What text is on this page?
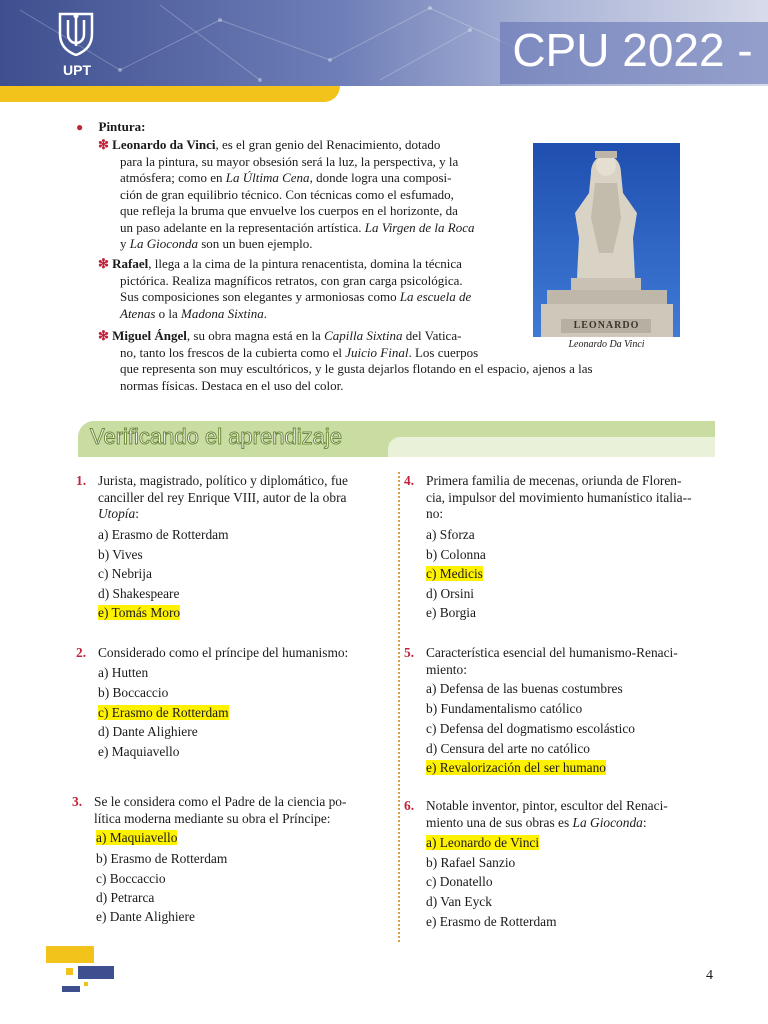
UPT	CPU 2022 - II
● Pintura:
❇ Leonardo da Vinci, es el gran genio del Renacimiento, dotado
para la pintura, su mayor obsesión será la luz, la perspectiva, y la
atmósfera; como en La Última Cena, donde logra una composi-
ción de gran equilibrio técnico. Con técnicas como el esfumado,
que refleja la bruma que envuelve los cuerpos en el horizonte, da
un paso adelante en la representación artística. La Virgen de la Roca
y La Gioconda son un buen ejemplo.
❇ Rafael, llega a la cima de la pintura renacentista, domina la técnica
pictórica. Realiza magníficos retratos, con gran carga psicológica.
Sus composiciones son elegantes y armoniosas como La escuela de
Atenas o la Madona Sixtina.
❇ Miguel Ángel, su obra magna está en la Capilla Sixtina del Vatica-
no, tanto los frescos de la cubierta como el Juicio Final. Los cuerpos
que representa son muy escultóricos, y le gusta dejarlos flotando en el espacio, ajenos a las
normas físicas. Destaca en el uso del color.
LEONARDO
Leonardo Da Vinci
Verificando el aprendizaje
1. Jurista, magistrado, político y diplomático, fue
canciller del rey Enrique VIII, autor de la obra
Utopía:
a) Erasmo de Rotterdam
b) Vives
c) Nebrija
d) Shakespeare
e) Tomás Moro
2. Considerado como el príncipe del humanismo:
a) Hutten
b) Boccaccio
c) Erasmo de Rotterdam
d) Dante Alighiere
e) Maquiavello
3. Se le considera como el Padre de la ciencia po-
lítica moderna mediante su obra el Príncipe:
a) Maquiavello
b) Erasmo de Rotterdam
c) Boccaccio
d) Petrarca
e) Dante Alighiere
4. Primera familia de mecenas, oriunda de Floren-
cia, impulsor del movimiento humanístico italia--
no:
a) Sforza
b) Colonna
c) Medicis
d) Orsini
e) Borgia
5. Característica esencial del humanismo-Renaci-
miento:
a) Defensa de las buenas costumbres
b) Fundamentalismo católico
c) Defensa del dogmatismo escolástico
d) Censura del arte no católico
e) Revalorización del ser humano
6. Notable inventor, pintor, escultor del Renaci-
miento una de sus obras es La Gioconda:
a) Leonardo de Vinci
b) Rafael Sanzio
c) Donatello
d) Van Eyck
e) Erasmo de Rotterdam
4
